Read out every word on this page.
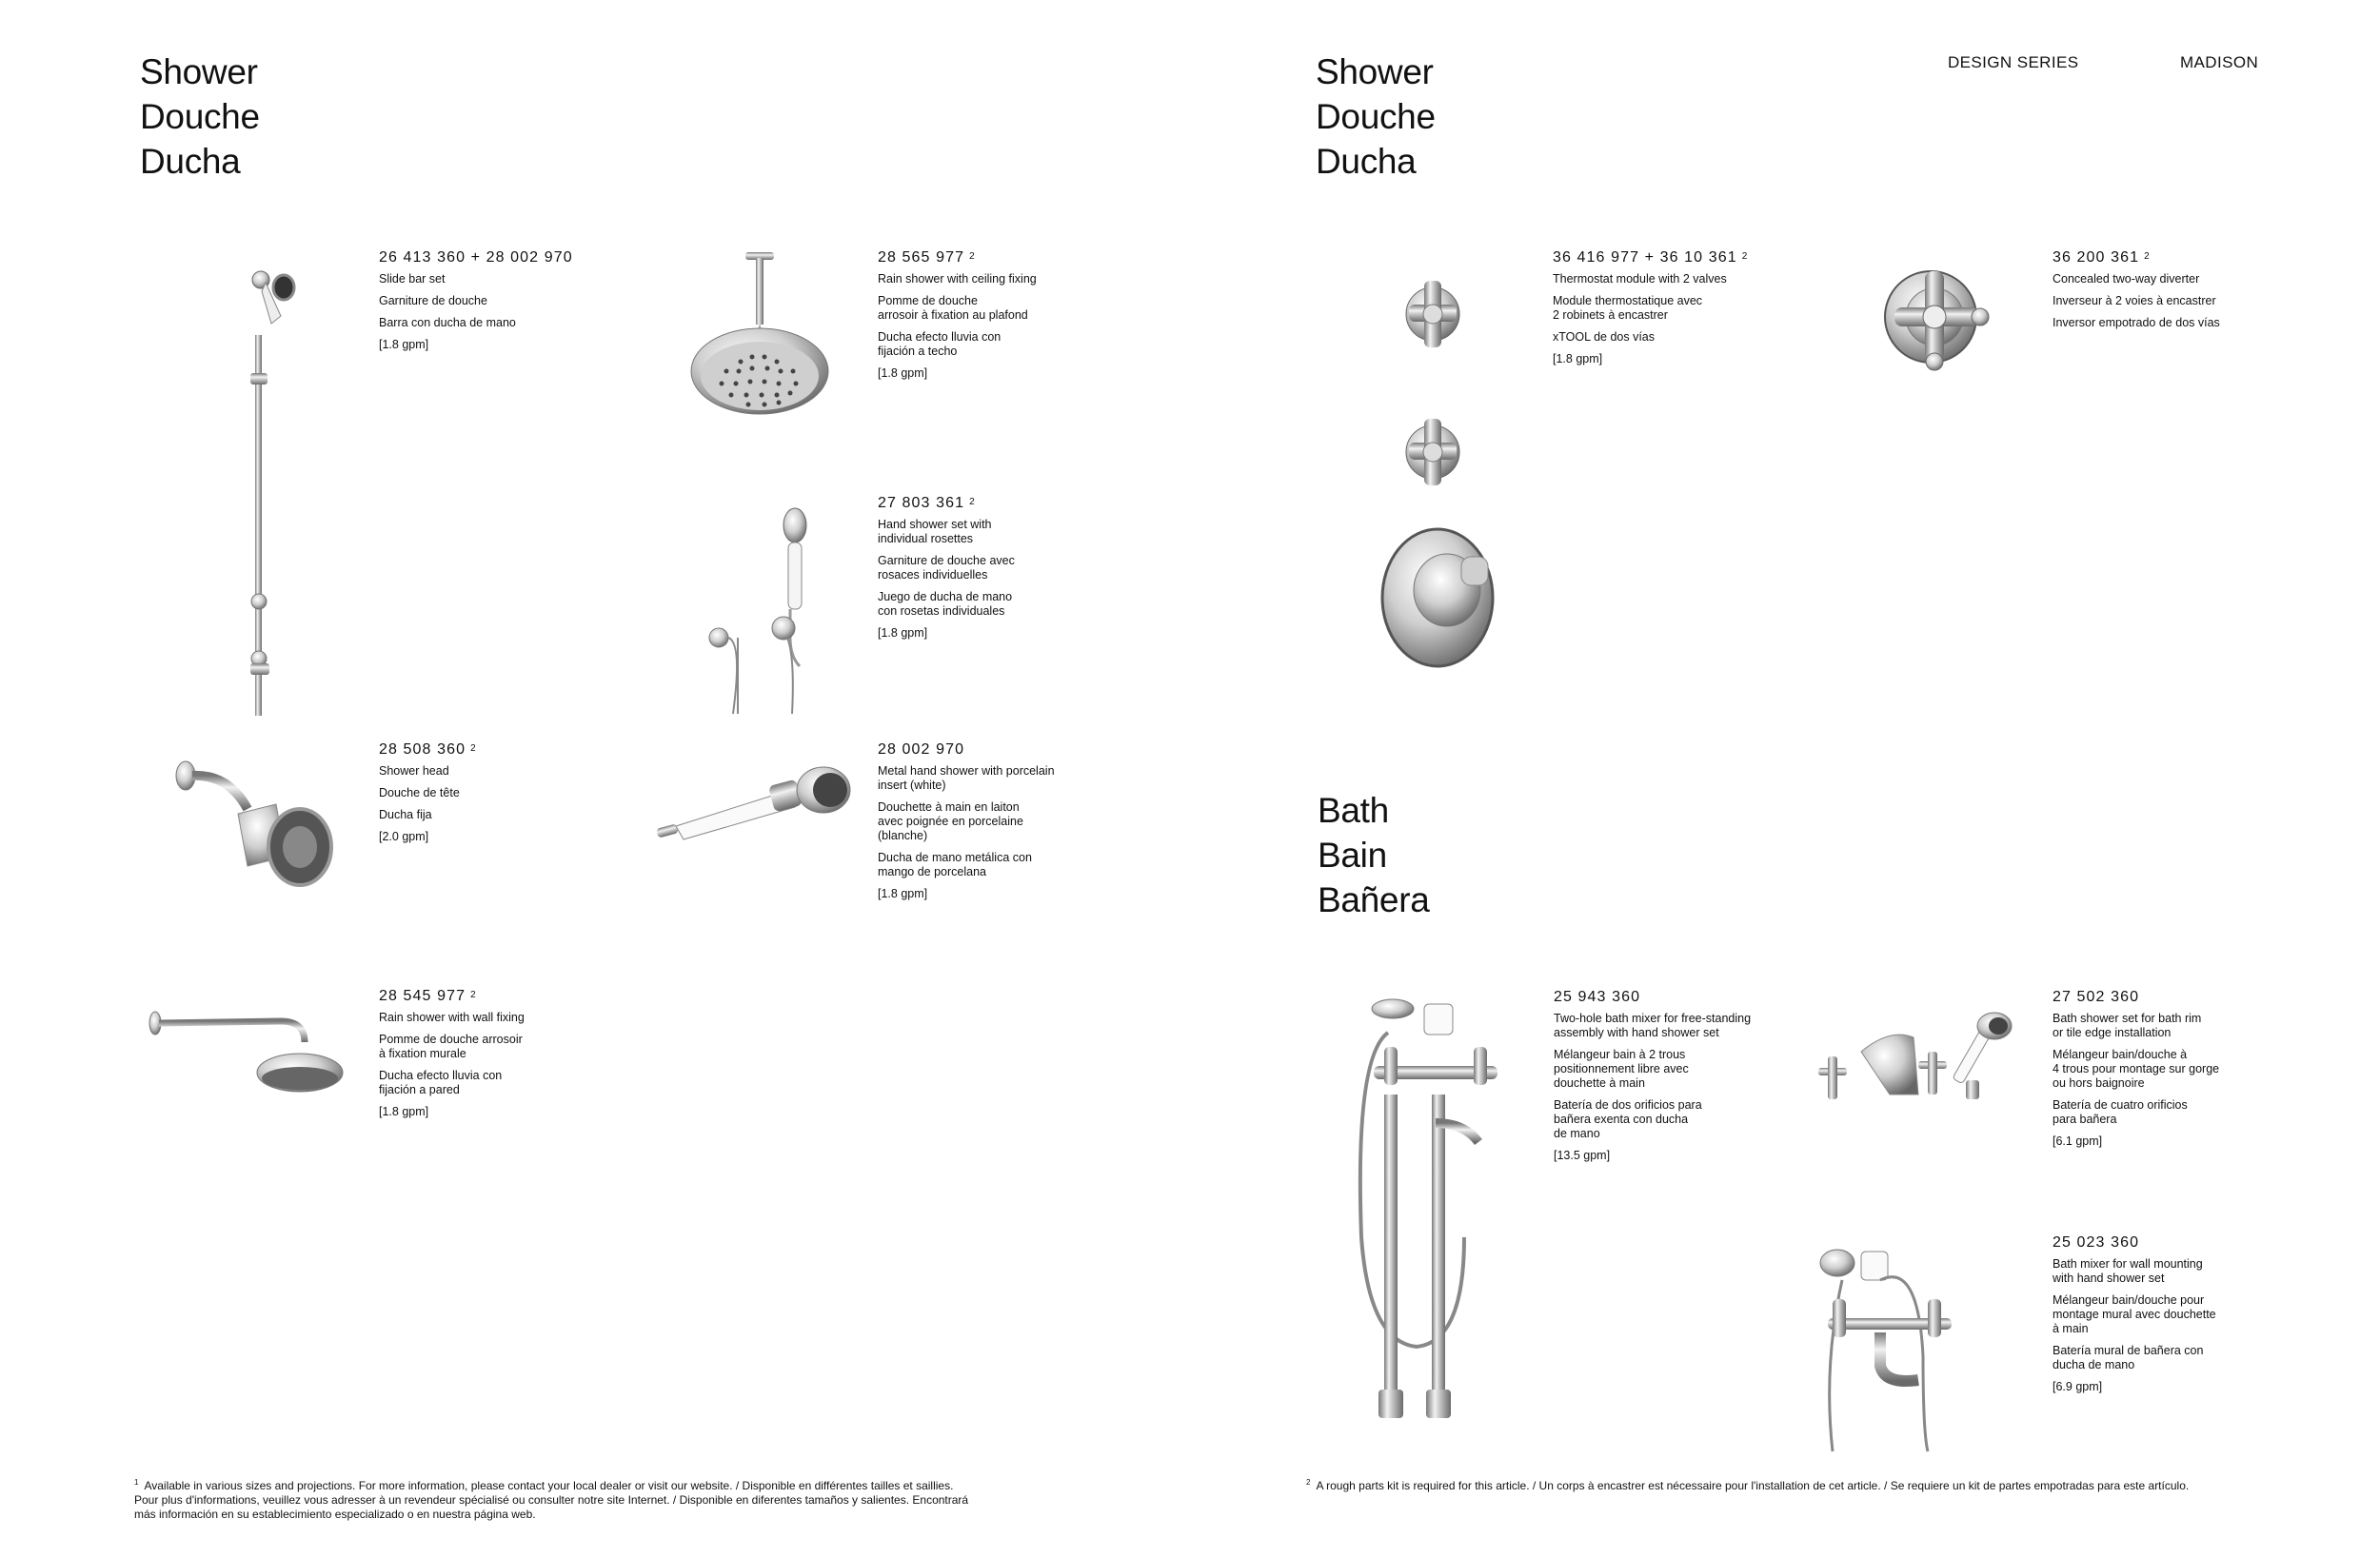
Shower
Douche
Ducha
Shower
Douche
Ducha
DESIGN SERIES	MADISON
Bath
Bain
Bañera
26 413 360 + 28 002 970
Slide bar set
Garniture de douche
Barra con ducha de mano
[1.8 gpm]
28 565 977 $^2$
Rain shower with ceiling fixing
Pomme de douche
arrosoir à fixation au plafond
Ducha efecto lluvia con
fijación a techo
[1.8 gpm]
27 803 361 $^2$
Hand shower set with
individual rosettes
Garniture de douche avec
rosaces individuelles
Juego de ducha de mano
con rosetas individuales
[1.8 gpm]
28 508 360 $^2$
Shower head
Douche de tête
Ducha fija
[2.0 gpm]
28 002 970
Metal hand shower with porcelain
insert (white)
Douchette à main en laiton
avec poignée en porcelaine
(blanche)
Ducha de mano metálica con
mango de porcelana
[1.8 gpm]
28 545 977 $^2$
Rain shower with wall fixing
Pomme de douche arrosoir
à fixation murale
Ducha efecto lluvia con
fijación a pared
[1.8 gpm]
36 416 977 + 36 10 361 $^2$
Thermostat module with 2 valves
Module thermostatique avec
2 robinets à encastrer
xTOOL de dos vías
[1.8 gpm]
36 200 361 $^2$
Concealed two-way diverter
Inverseur à 2 voies à encastrer
Inversor empotrado de dos vías
25 943 360
Two-hole bath mixer for free-standing
assembly with hand shower set
Mélangeur bain à 2 trous
positionnement libre avec
douchette à main
Batería de dos orificios para
bañera exenta con ducha
de mano
[13.5 gpm]
27 502 360
Bath shower set for bath rim
or tile edge installation
Mélangeur bain/douche à
4 trous pour montage sur gorge
ou hors baignoire
Batería de cuatro orificios
para bañera
[6.1 gpm]
25 023 360
Bath mixer for wall mounting
with hand shower set
Mélangeur bain/douche pour
montage mural avec douchette
à main
Batería mural de bañera con
ducha de mano
[6.9 gpm]
$^1$ Available in various sizes and projections. For more information, please contact your local dealer or visit our website. / Disponible en différentes tailles et saillies.
Pour plus d'informations, veuillez vous adresser à un revendeur spécialisé ou consulter notre site Internet. / Disponible en diferentes tamaños y salientes. Encontrará
más información en su establecimiento especializado o en nuestra página web.
$^2$ A rough parts kit is required for this article. / Un corps à encastrer est nécessaire pour l'installation de cet article. / Se requiere un kit de partes empotradas para este artículo.
